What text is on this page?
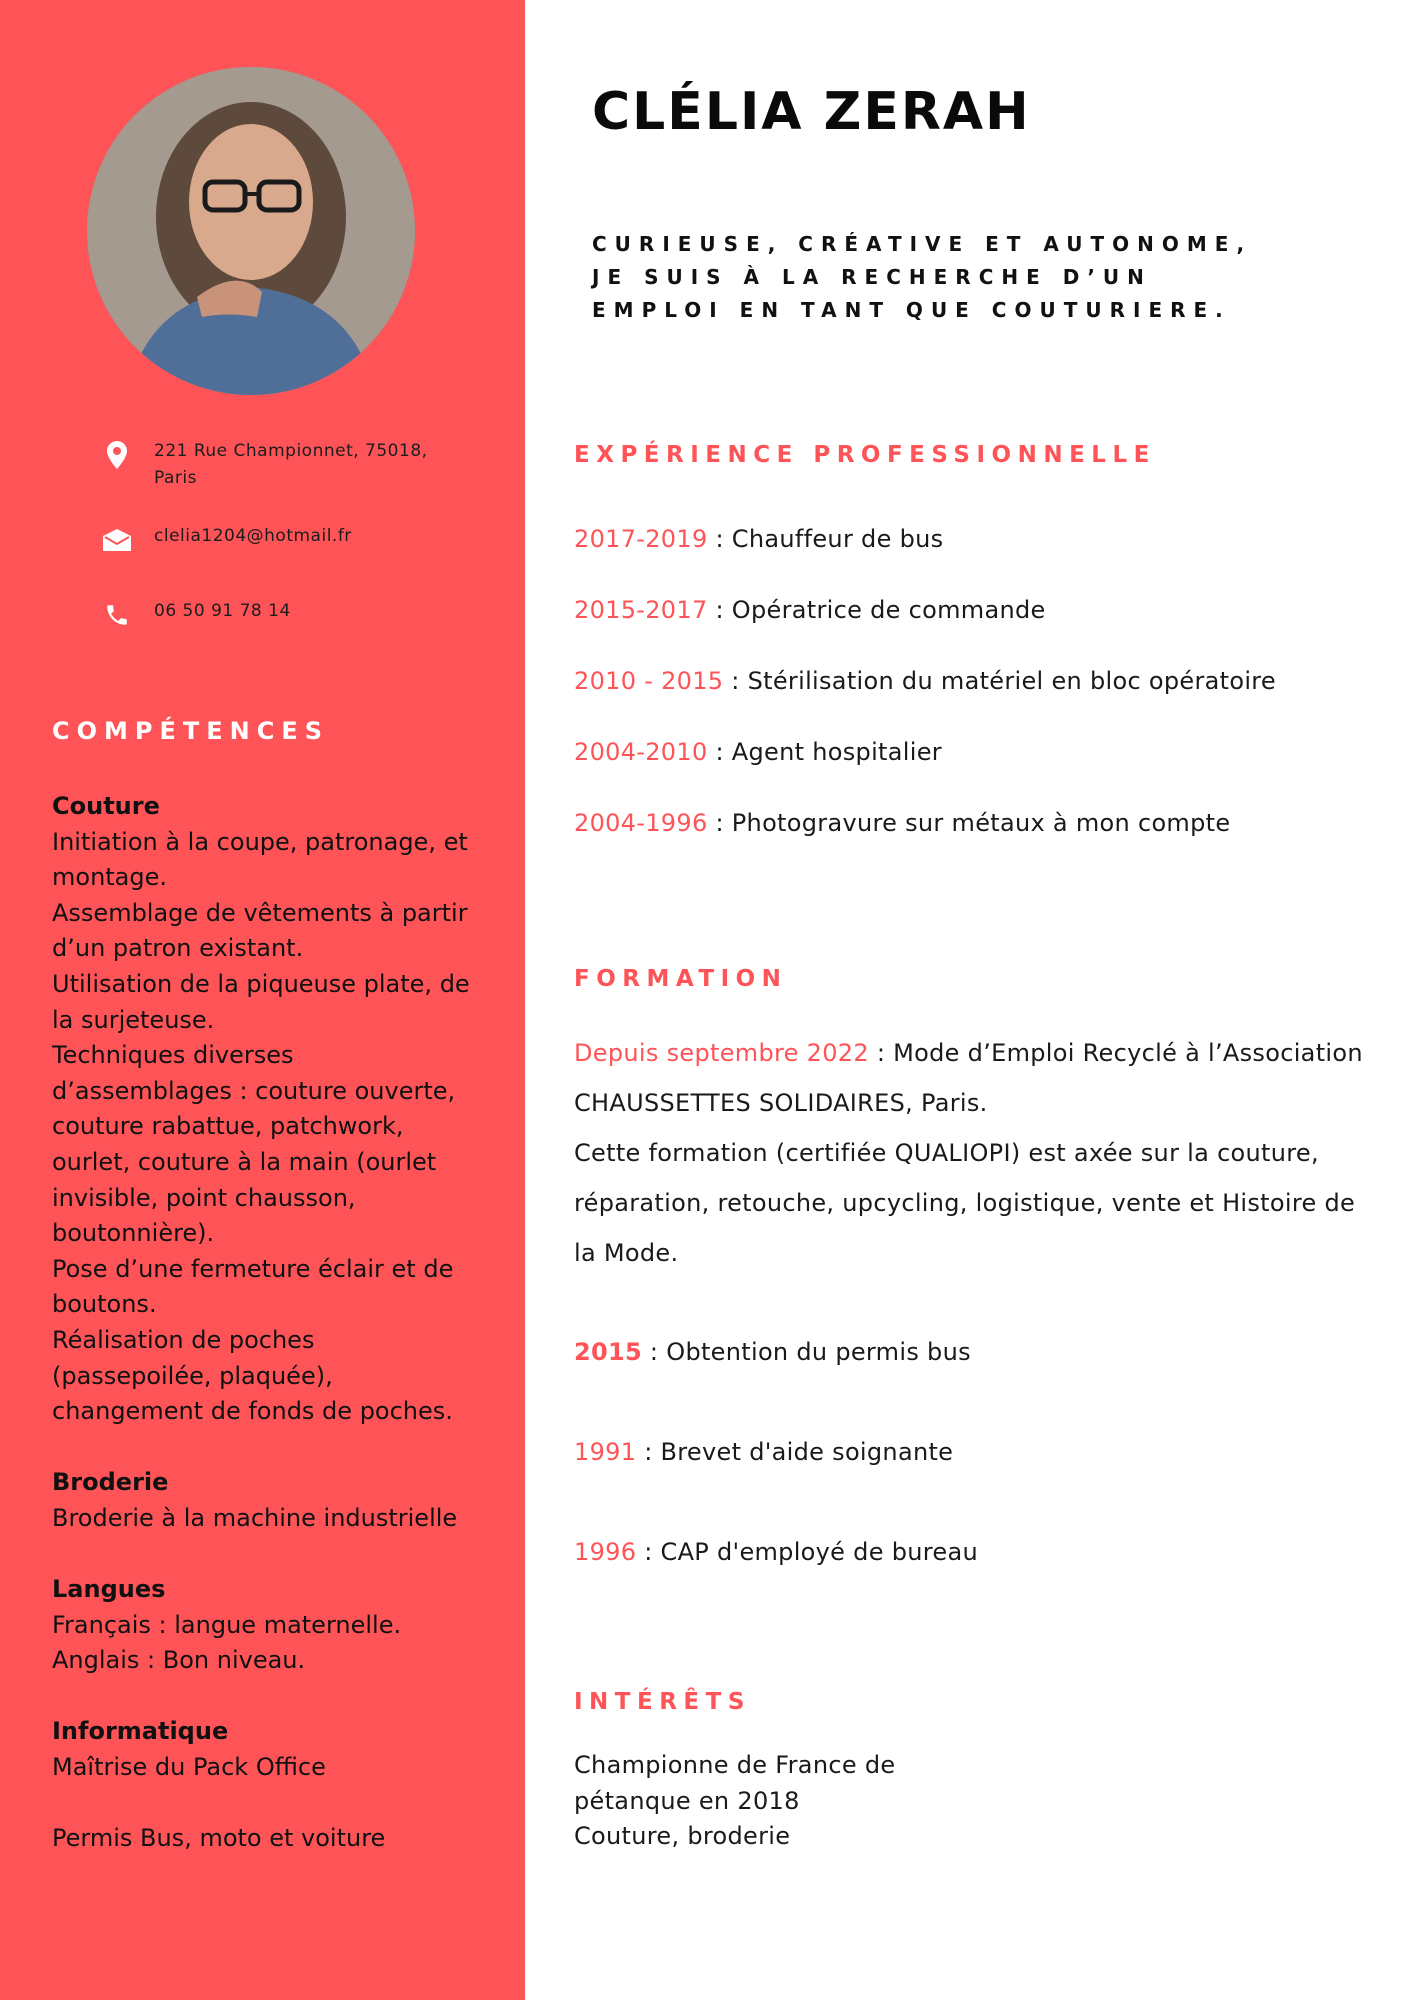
221 Rue Championnet, 75018,
Paris
clelia1204@hotmail.fr
06 50 91 78 14
COMPÉTENCES
Couture
Initiation à la coupe, patronage, et
montage.
Assemblage de vêtements à partir
d’un patron existant.
Utilisation de la piqueuse plate, de
la surjeteuse.
Techniques diverses
d’assemblages : couture ouverte,
couture rabattue, patchwork,
ourlet, couture à la main (ourlet
invisible, point chausson,
boutonnière).
Pose d’une fermeture éclair et de
boutons.
Réalisation de poches
(passepoilée, plaquée),
changement de fonds de poches.
Broderie
Broderie à la machine industrielle
Langues
Français : langue maternelle.
Anglais : Bon niveau.
Informatique
Maîtrise du Pack Office
Permis Bus, moto et voiture
CLÉLIA ZERAH
CURIEUSE, CRÉATIVE ET AUTONOME, JE SUIS À LA RECHERCHE D’UN EMPLOI EN TANT QUE COUTURIERE.
EXPÉRIENCE PROFESSIONNELLE
2017-2019 : Chauffeur de bus
2015-2017 : Opératrice de commande
2010 - 2015 : Stérilisation du matériel en bloc opératoire
2004-2010 : Agent hospitalier
2004-1996 : Photogravure sur métaux à mon compte
FORMATION
Depuis septembre 2022 : Mode d’Emploi Recyclé à l’Association CHAUSSETTES SOLIDAIRES, Paris.
Cette formation (certifiée QUALIOPI) est axée sur la couture, réparation, retouche, upcycling, logistique, vente et Histoire de la Mode.
2015 : Obtention du permis bus
1991 : Brevet d'aide soignante
1996 : CAP d'employé de bureau
INTÉRÊTS
Championne de France de
pétanque en 2018
Couture, broderie
